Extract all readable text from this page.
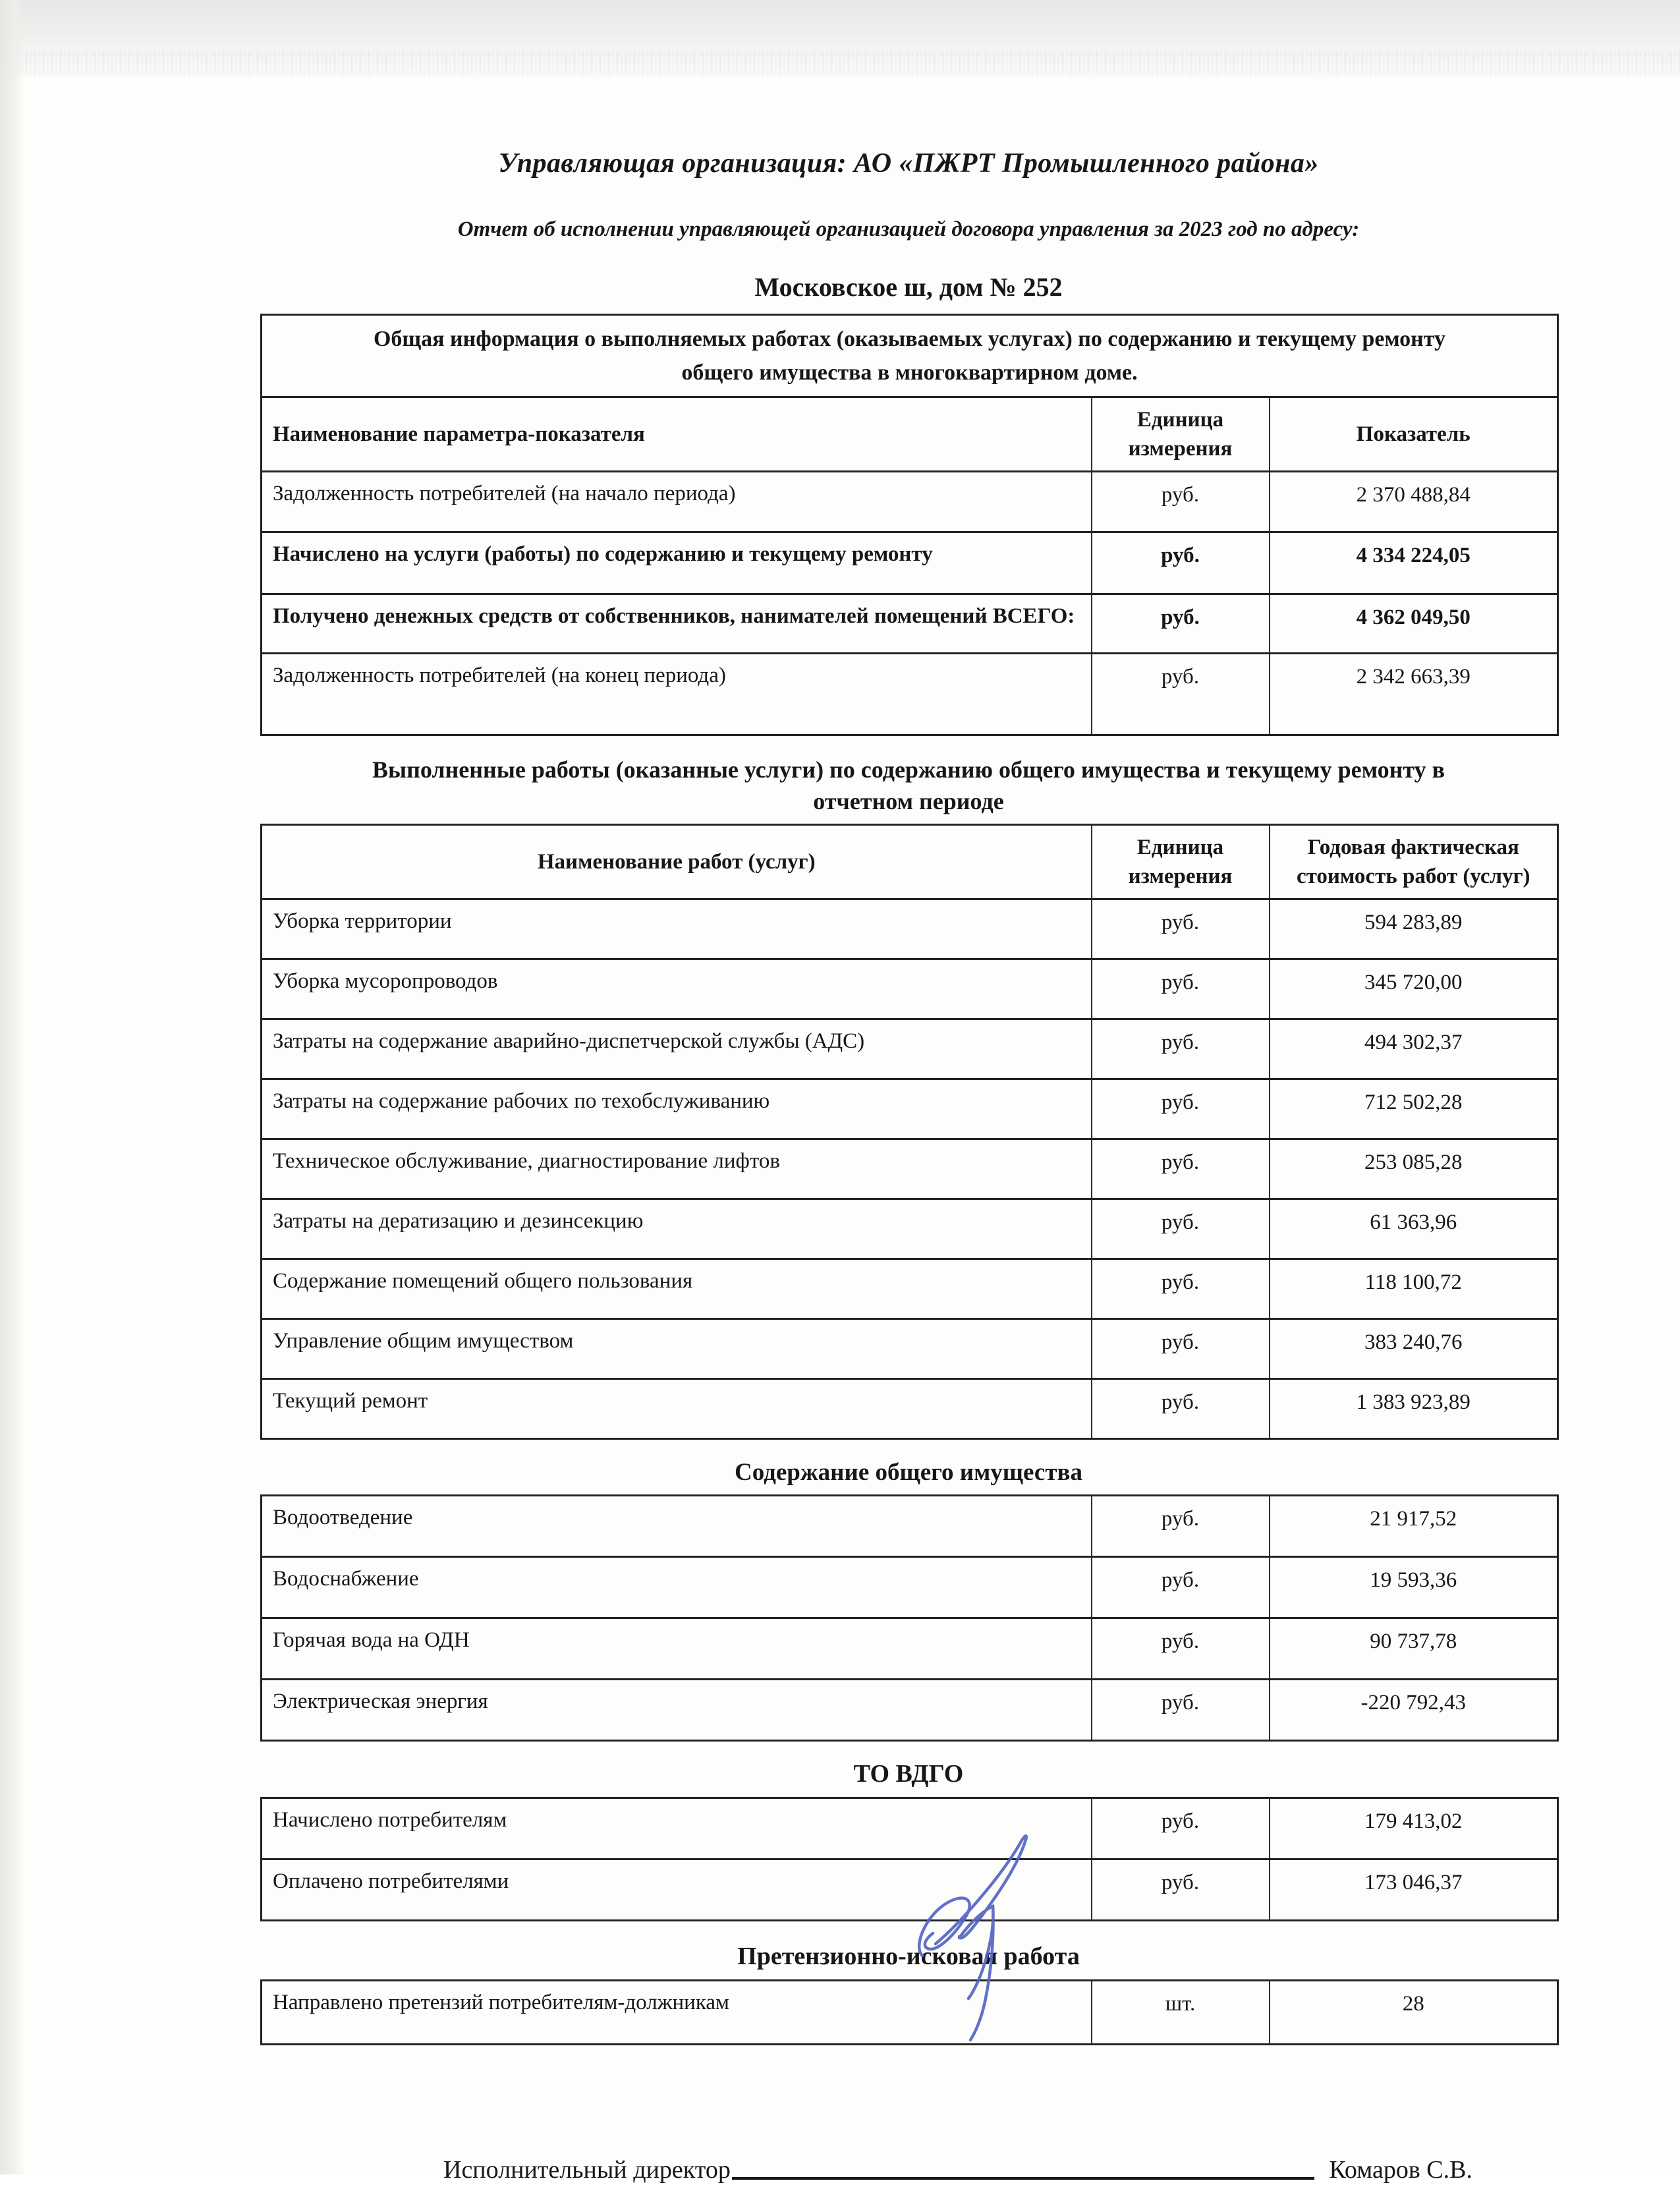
Управляющая организация: АО «ПЖРТ Промышленного района»
Отчет об исполнении управляющей организацией договора управления за 2023 год по адресу:
Московское ш, дом № 252
Общая информация о выполняемых работах (оказываемых услугах) по содержанию и текущему ремонту общего имущества в многоквартирном доме.		

Наименование параметра-показателя	Единица измерения	Показатель
Задолженность потребителей (на начало периода)	руб.	2 370 488,84
Начислено на услуги (работы) по содержанию и текущему ремонту	руб.	4 334 224,05
Получено денежных средств от собственников, нанимателей помещений ВСЕГО:	руб.	4 362 049,50
Задолженность потребителей (на конец периода)	руб.	2 342 663,39
Выполненные работы (оказанные услуги) по содержанию общего имущества и текущему ремонту в отчетном периоде
Наименование работ (услуг)	Единица измерения	Годовая фактическая стоимость работ (услуг)
Уборка территории	руб.	594 283,89
Уборка мусоропроводов	руб.	345 720,00
Затраты на содержание аварийно-диспетчерской службы (АДС)	руб.	494 302,37
Затраты на содержание рабочих по техобслуживанию	руб.	712 502,28
Техническое обслуживание, диагностирование лифтов	руб.	253 085,28
Затраты на дератизацию и дезинсекцию	руб.	61 363,96
Содержание помещений общего пользования	руб.	118 100,72
Управление общим имуществом	руб.	383 240,76
Текущий ремонт	руб.	1 383 923,89
Содержание общего имущества
Водоотведение	руб.	21 917,52
Водоснабжение	руб.	19 593,36
Горячая вода на ОДН	руб.	90 737,78
Электрическая энергия	руб.	-220 792,43
ТО ВДГО
Начислено потребителям	руб.	179 413,02
Оплачено потребителями	руб.	173 046,37
Претензионно-исковая работа
Направлено претензий потребителям-должникам	шт.	28
Исполнительный директор	Комаров С.В.
